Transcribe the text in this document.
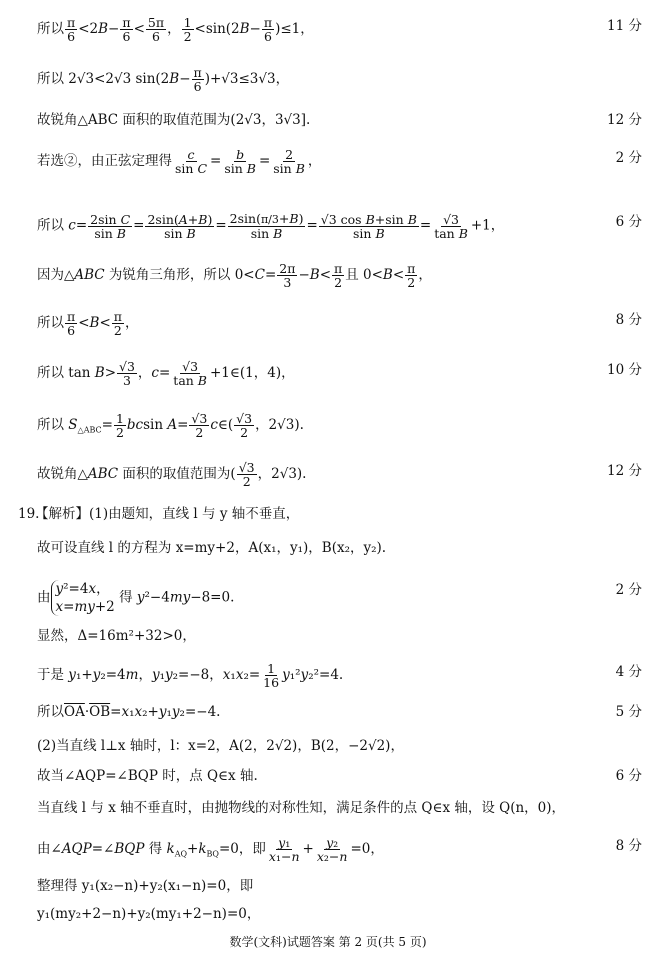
所以 $\frac{\pi}{6} <2B- \frac{\pi}{6} < \frac{5\pi}{6}$ ， $\frac{1}{2} <\sin(2B- \frac{\pi}{6} )\le 1$，	11 分
所以 2√3<2√3 $\sin(2B- \frac{\pi}{6} )+√3\le 3√3$，
故锐角△ABC 面积的取值范围为(2√3，3√3].	12 分
若选②，由正弦定理得 $\frac{c}{\text{sin C}} = \frac{b}{\text{sin B}} = \frac{2}{\text{sin B}}$ ，	2 分
所以 $c= \frac{\text{2sin C}}{\text{sin B}} = \frac{2\sin(A+B)}{\text{sin B}} = \frac{2\sin(\pi/3+B)}{\text{sin B}} = \frac{\text{√3 cos B+sin B}}{\text{sin B}} = \frac{√3}{\text{tan B}} +1$，	6 分
因为△ABC 为锐角三角形，所以 $0<C= \frac{2\pi}{3} -B< \frac{\pi}{2}$ 且 $0<B< \frac{\pi}{2}$ ，
所以 $\frac{\pi}{6} <B< \frac{\pi}{2}$ ，	8 分
所以 $\tan B> \frac{√3}{3}$ ，$c= \frac{√3}{\text{tan B}}$ +1∈(1，4)，	10 分
所以 $S_{\triangle ABC}= \frac{1}{2}$ bcsin $A= \frac{√3}{2}$ c∈( $\frac{√3}{2}$ ，2√3).
故锐角△ABC 面积的取值范围为( $\frac{√3}{2}$ ，2√3).	12 分
19.
【解析】(1)由题知，直线 l 与 y 轴不垂直，
故可设直线 l 的方程为 x=my+2，A(x₁，y₁)，B(x₂，y₂).
由
y²=4x，
x=my+2
得 y²−4my−8=0.	2 分
显然，Δ=16m²+32>0，
于是 y₁+y₂=4m，y₁y₂=−8，$x_1x_2= \frac{1}{16} y_1^2y_2^2=4$.	4 分
所以$\overline{OA}\cdot\overline{OB}=x_1x_2+y_1y_2=-4$.	5 分
(2)当直线 l⊥x 轴时，l：x=2，A(2，2√2)，B(2，−2√2)，
故当∠AQP=∠BQP 时，点 Q∈x 轴.	6 分
当直线 l 与 x 轴不垂直时，由抛物线的对称性知，满足条件的点 Q∈x 轴，设 Q(n，0)，
由∠AQP=∠BQP 得 $k_{AQ}+k_{BQ}=0$，即 $\frac{\text{y₁}}{\text{x₁−n}} + \frac{\text{y₂}}{\text{x₂−n}} =0$，	8 分
整理得 y₁(x₂−n)+y₂(x₁−n)=0，即
y₁(my₂+2−n)+y₂(my₁+2−n)=0，
数学(文科)试题答案 第 2 页(共 5 页)
